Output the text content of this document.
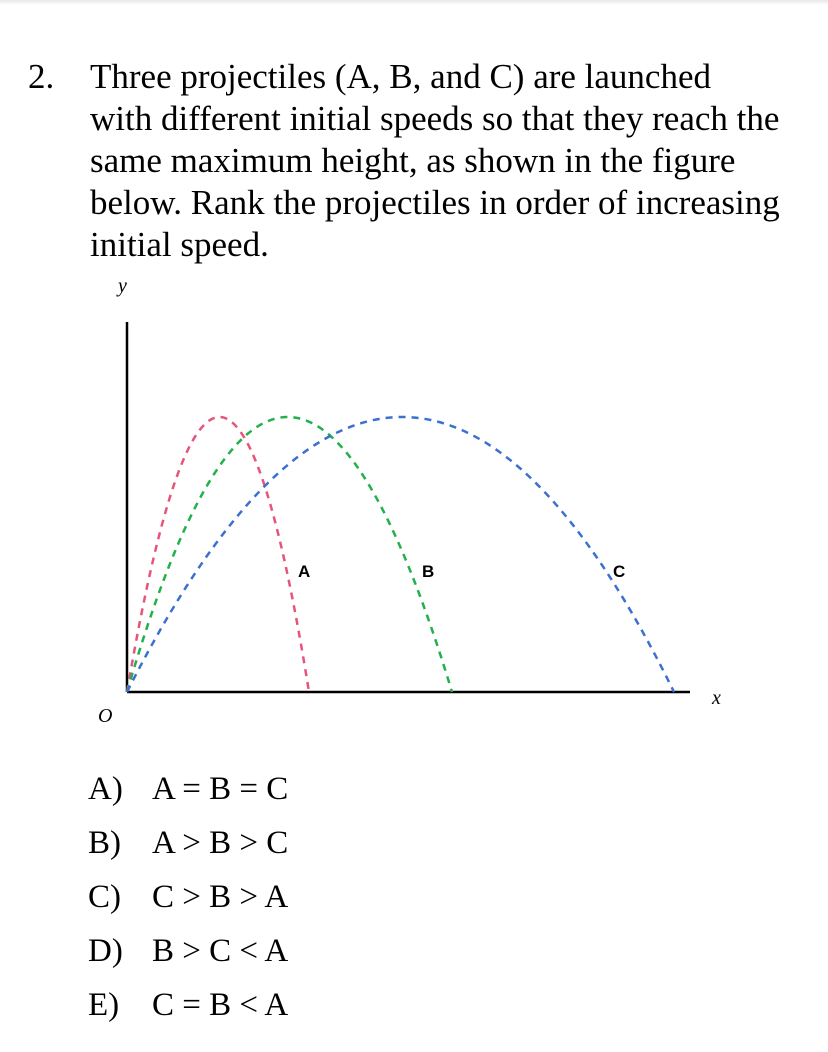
2. Three projectiles (A, B, and C) are launched with different initial speeds so that they reach the same maximum height, as shown in the figure below. Rank the projectiles in order of increasing initial speed.
y
x
O
A	B	C
A) A = B = C
B) A > B > C
C) C > B > A
D) B > C < A
E) C = B < A
